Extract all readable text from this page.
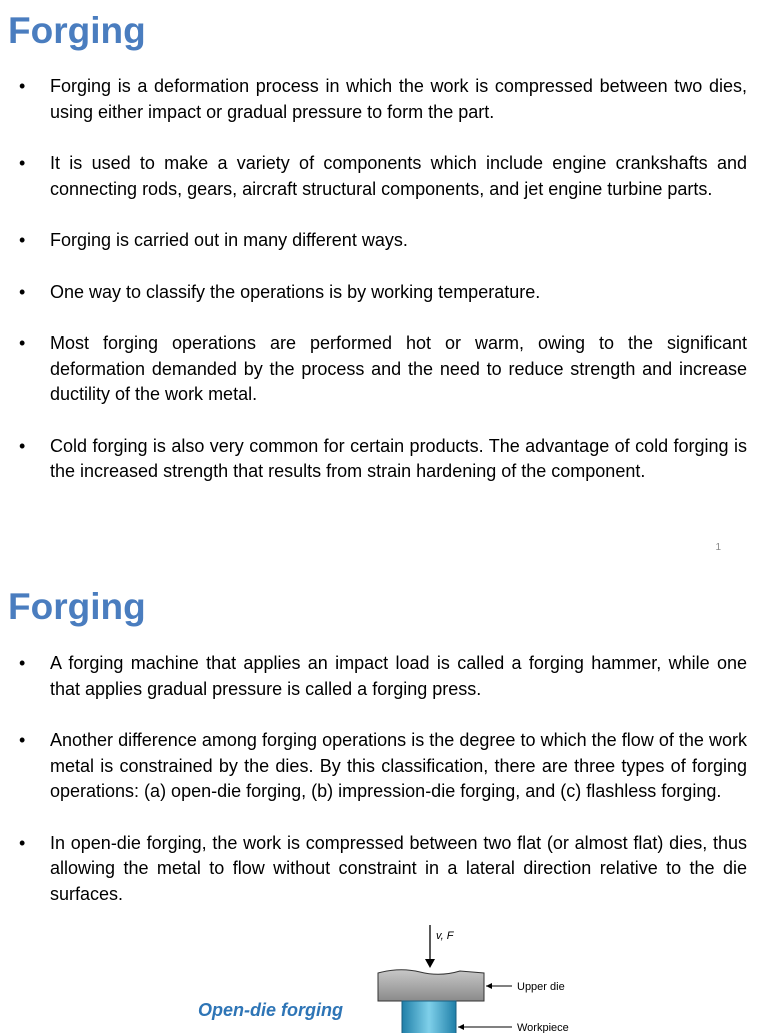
Forging
• Forging is a deformation process in which the work is compressed between two dies, using either impact or gradual pressure to form the part.
• It is used to make a variety of components which include engine crankshafts and connecting rods, gears, aircraft structural components, and jet engine turbine parts.
• Forging is carried out in many different ways.
• One way to classify the operations is by working temperature.
• Most forging operations are performed hot or warm, owing to the significant deformation demanded by the process and the need to reduce strength and increase ductility of the work metal.
• Cold forging is also very common for certain products. The advantage of cold forging is the increased strength that results from strain hardening of the component.
1
Forging
• A forging machine that applies an impact load is called a forging hammer, while one that applies gradual pressure is called a forging press.
• Another difference among forging operations is the degree to which the flow of the work metal is constrained by the dies. By this classification, there are three types of forging operations: (a) open-die forging, (b) impression-die forging, and (c) flashless forging.
• In open-die forging, the work is compressed between two flat (or almost flat) dies, thus allowing the metal to flow without constraint in a lateral direction relative to the die surfaces.
Open-die forging
v, F
Upper die
Workpiece
